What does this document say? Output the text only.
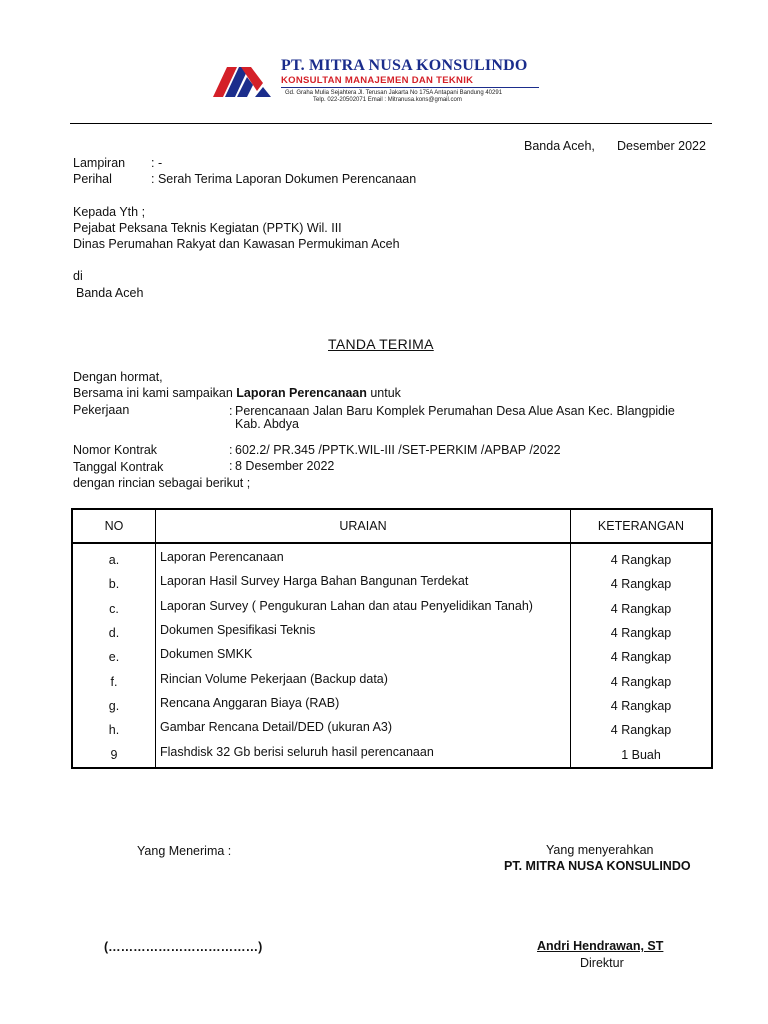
PT. MITRA NUSA KONSULINDO
KONSULTAN MANAJEMEN DAN TEKNIK
Gd. Graha Mulia Sejahtera Jl. Terusan Jakarta No 175A Antapani Bandung 40291
Telp. 022-20502071 Email : Mitranusa.kons@gmail.com
Banda Aceh, Desember 2022
Lampiran : -
Perihal	: Serah Terima Laporan Dokumen Perencanaan
Kepada Yth ;
Pejabat Peksana Teknis Kegiatan (PPTK) Wil. III
Dinas Perumahan Rakyat dan Kawasan Permukiman Aceh
di
Banda Aceh
TANDA TERIMA
Dengan hormat,
Bersama ini kami sampaikan Laporan Perencanaan untuk
Pekerjaan	: Perencanaan Jalan Baru Komplek Perumahan Desa Alue Asan Kec. Blangpidie
Kab. Abdya
Nomor Kontrak	: 602.2/ PR.345 /PPTK.WIL-III /SET-PERKIM /APBAP /2022
Tanggal Kontrak	: 8 Desember 2022
dengan rincian sebagai berikut ;
NO	URAIAN	KETERANGAN
a.	Laporan Perencanaan	4 Rangkap
b.	Laporan Hasil Survey Harga Bahan Bangunan Terdekat	4 Rangkap
c.	Laporan Survey ( Pengukuran Lahan dan atau Penyelidikan Tanah)	4 Rangkap
d.	Dokumen Spesifikasi Teknis	4 Rangkap
e.	Dokumen SMKK	4 Rangkap
f.	Rincian Volume Pekerjaan (Backup data)	4 Rangkap
g.	Rencana Anggaran Biaya (RAB)	4 Rangkap
h.	Gambar Rencana Detail/DED (ukuran A3)	4 Rangkap
9	Flashdisk 32 Gb berisi seluruh hasil perencanaan	1 Buah
Yang Menerima :
(………………………………)
Yang menyerahkan
PT. MITRA NUSA KONSULINDO
Andri Hendrawan, ST
Direktur
